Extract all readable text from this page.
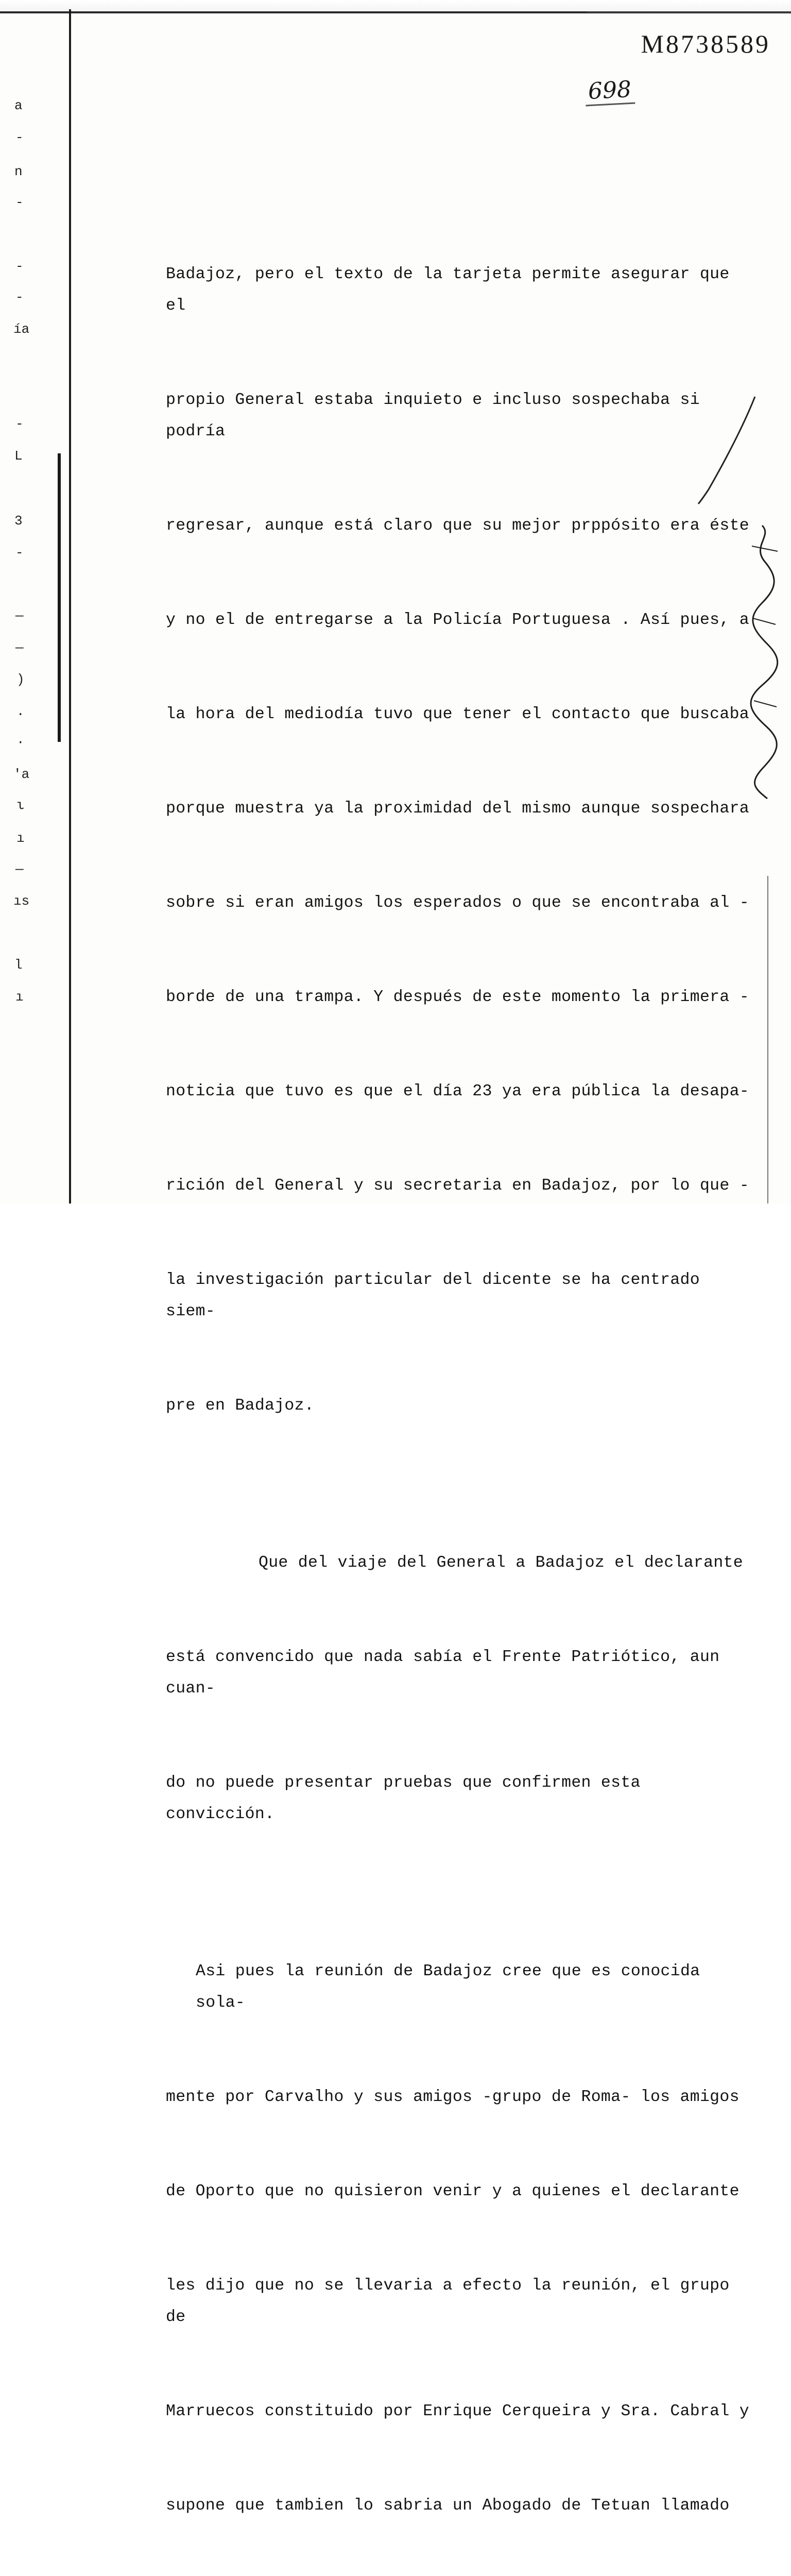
a
-
n
-
-
-
ía
-
L
3
-
—
—
)
.
·
'a
ι
ı
—
ıs
l
ı
M8738589
698

Badajoz, pero el texto de la tarjeta permite asegurar que el

propio General estaba inquieto e incluso sospechaba si podría

regresar, aunque está claro que su mejor prppósito era éste

y no el de entregarse a la Policía Portuguesa . Así pues, a

la hora del mediodía tuvo que tener el contacto que buscaba

porque muestra ya la proximidad del mismo aunque sospechara

sobre si eran amigos los esperados o que se encontraba al -

borde de una trampa. Y después de este momento la primera -

noticia que tuvo es que el día 23 ya era pública la desapa-

rición del General y su secretaria en Badajoz, por lo que -

la investigación particular del dicente se ha centrado siem-

pre en Badajoz.

Que del viaje del General a Badajoz el declarante

está convencido que nada sabía el Frente Patriótico, aun cuan-

do no puede presentar pruebas que confirmen esta convicción.

Asi pues la reunión de Badajoz cree que es conocida sola-

mente por Carvalho y sus amigos -grupo de Roma- los amigos

de Oporto que no quisieron venir y a quienes el declarante

les dijo que no se llevaria a efecto la reunión, el grupo de

Marruecos constituido por Enrique Cerqueira y Sra. Cabral y

supone que tambien lo sabria un Abogado de Tetuan llamado
